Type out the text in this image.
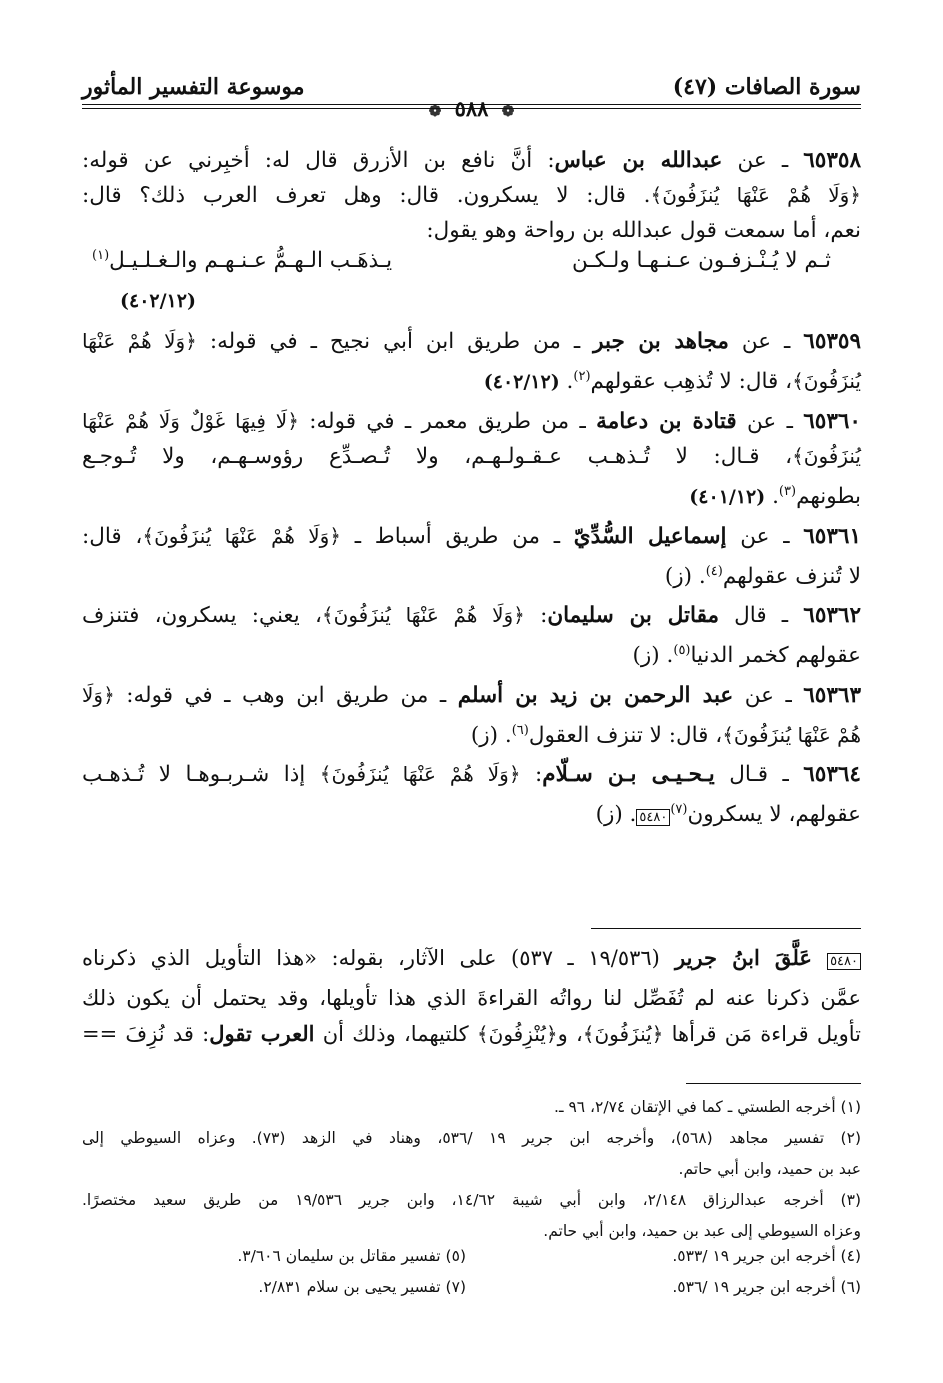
سورة الصافات (٤٧)
موسوعة التفسير المأثور
❁ ٥٨٨ ❁
٦٥٣٥٨ ـ عن عبدالله بن عباس: أنَّ نافع بن الأزرق قال له: أخبِرني عن قوله:
﴿وَلَا هُمْ عَنْهَا يُنزَفُونَ﴾. قال: لا يسكرون. قال: وهل تعرف العرب ذلك؟ قال:
نعم، أما سمعت قول عبدالله بن رواحة وهو يقول:
ثـم لا يُـنْـزفـون عـنـهـا ولـكـن
يـذهَـب الـهـمُّ عـنـهـم والـغـلـيـل$^{(١)}$
(٤٠٢/١٢)
٦٥٣٥٩ ـ عن مجاهد بن جبر ـ من طريق ابن أبي نجيح ـ في قوله: ﴿وَلَا هُمْ عَنْهَا
يُنزَفُونَ﴾، قال: لا تُذهِب عقولهم$^{(٢)}$. (٤٠٢/١٢)
٦٥٣٦٠ ـ عن قتادة بن دعامة ـ من طريق معمر ـ في قوله: ﴿لَا فِيهَا غَوْلٌ وَلَا هُمْ عَنْهَا
يُنزَفُونَ﴾، قـال: لا تُـذهـب عـقـولـهـم، ولا تُـصـدِّع رؤوسـهـم، ولا تُـوجـع
بطونهم$^{(٣)}$. (٤٠١/١٢)
٦٥٣٦١ ـ عن إسماعيل السُّدِّيّ ـ من طريق أسباط ـ ﴿وَلَا هُمْ عَنْهَا يُنزَفُونَ﴾، قال:
لا تُنزف عقولهم$^{(٤)}$. (ز)
٦٥٣٦٢ ـ قال مقاتل بن سليمان: ﴿وَلَا هُمْ عَنْهَا يُنزَفُونَ﴾، يعني: يسكرون، فتنزف
عقولهم كخمر الدنيا$^{(٥)}$. (ز)
٦٥٣٦٣ ـ عن عبد الرحمن بن زيد بن أسلم ـ من طريق ابن وهب ـ في قوله: ﴿وَلَا
هُمْ عَنْهَا يُنزَفُونَ﴾، قال: لا تنزف العقول$^{(٦)}$. (ز)
٦٥٣٦٤ ـ قـال يـحـيـى بـن سـلّام: ﴿وَلَا هُمْ عَنْهَا يُنزَفُونَ﴾ إذا شـربـوهـا لا تُـذهـب
عقولهم، لا يسكرون$^{(٧)}$٥٤٨٠. (ز)
٥٤٨٠ عَلَّقَ ابنُ جرير (١٩/٥٣٦ ـ ٥٣٧) على الآثار، بقوله: «هذا التأويل الذي ذكرناه
عمَّن ذكرنا عنه لم تُفَصِّل لنا رواتُه القراءةَ الذي هذا تأويلها، وقد يحتمل أن يكون ذلك
تأويل قراءة مَن قرأها ﴿يُنزَفُونَ﴾، و﴿يُنْزِفُونَ﴾ كلتيهما، وذلك أن العرب تقول: قد نُزِفَ ==
(١) أخرجه الطستي ـ كما في الإتقان ٢/٧٤، ٩٦ ـ.
(٢) تفسير مجاهد (٥٦٨)، وأخرجه ابن جرير ١٩ /٥٣٦، وهناد في الزهد (٧٣). وعزاه السيوطي إلى
عبد بن حميد، وابن أبي حاتم.
(٣) أخرجه عبدالرزاق ٢/١٤٨، وابن أبي شيبة ١٤/٦٢، وابن جرير ١٩/٥٣٦ من طريق سعيد مختصرًا.
وعزاه السيوطي إلى عبد بن حميد، وابن أبي حاتم.
(٤) أخرجه ابن جرير ١٩ /٥٣٣.
(٥) تفسير مقاتل بن سليمان ٣/٦٠٦.
(٦) أخرجه ابن جرير ١٩ /٥٣٦.
(٧) تفسير يحيى بن سلام ٢/٨٣١.
